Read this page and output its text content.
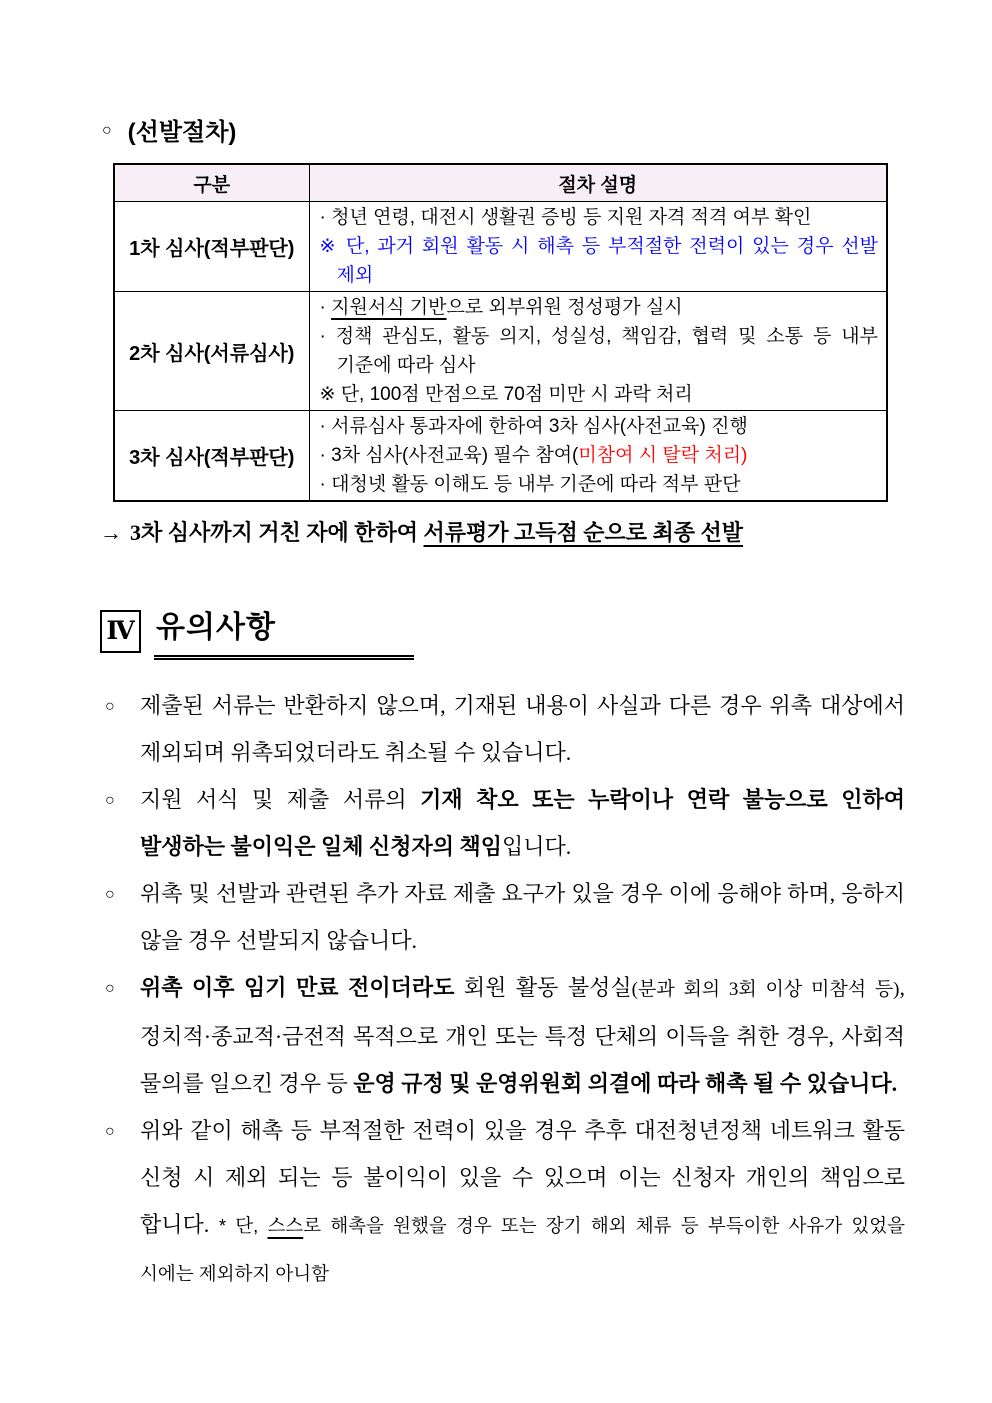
○ (선발절차)
구분	절차 설명
1차 심사(적부판단)	· 청년 연령, 대전시 생활권 증빙 등 지원 자격 적격 여부 확인
※ 단, 과거 회원 활동 시 해촉 등 부적절한 전력이 있는 경우 선발 제외

2차 심사(서류심사)	· 지원서식 기반으로 외부위원 정성평가 실시
· 정책 관심도, 활동 의지, 성실성, 책임감, 협력 및 소통 등 내부 기준에 따라 심사
※ 단, 100점 만점으로 70점 미만 시 과락 처리

3차 심사(적부판단)	· 서류심사 통과자에 한하여 3차 심사(사전교육) 진행
· 3차 심사(사전교육) 필수 참여(미참여 시 탈락 처리)
· 대청넷 활동 이해도 등 내부 기준에 따라 적부 판단

→ 3차 심사까지 거친 자에 한하여 서류평가 고득점 순으로 최종 선발

Ⅳ 유의사항
○ 제출된 서류는 반환하지 않으며, 기재된 내용이 사실과 다른 경우 위촉 대상에서 제외되며 위촉되었더라도 취소될 수 있습니다.
○ 지원 서식 및 제출 서류의 기재 착오 또는 누락이나 연락 불능으로 인하여 발생하는 불이익은 일체 신청자의 책임입니다.
○ 위촉 및 선발과 관련된 추가 자료 제출 요구가 있을 경우 이에 응해야 하며, 응하지 않을 경우 선발되지 않습니다.
○ 위촉 이후 임기 만료 전이더라도 회원 활동 불성실(분과 회의 3회 이상 미참석 등), 정치적·종교적·금전적 목적으로 개인 또는 특정 단체의 이득을 취한 경우, 사회적 물의를 일으킨 경우 등 운영 규정 및 운영위원회 의결에 따라 해촉 될 수 있습니다.
○ 위와 같이 해촉 등 부적절한 전력이 있을 경우 추후 대전청년정책 네트워크 활동 신청 시 제외 되는 등 불이익이 있을 수 있으며 이는 신청자 개인의 책임으로 합니다. * 단, 스스로 해촉을 원했을 경우 또는 장기 해외 체류 등 부득이한 사유가 있었을 시에는 제외하지 아니함
